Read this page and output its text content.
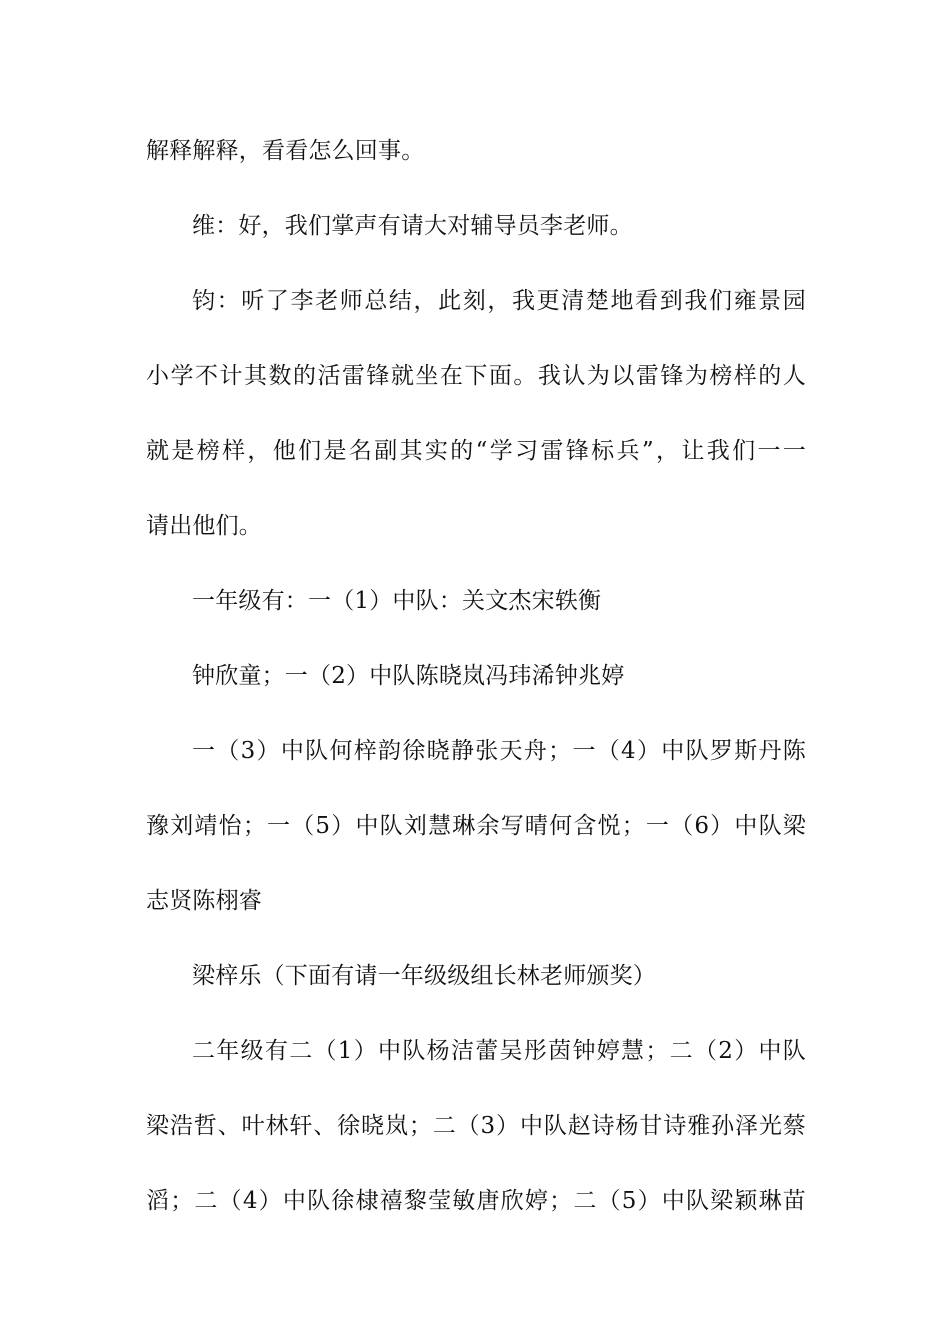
解释解释，看看怎么回事。
维：好，我们掌声有请大对辅导员李老师。
钧：听了李老师总结，此刻，我更清楚地看到我们雍景园
小学不计其数的活雷锋就坐在下面。我认为以雷锋为榜样的人
就是榜样，他们是名副其实的“学习雷锋标兵”，让我们一一
请出他们。
一年级有：一（1）中队：关文杰宋轶衡
钟欣童；一（2）中队陈晓岚冯玮浠钟兆婷
一（3）中队何梓韵徐晓静张天舟；一（4）中队罗斯丹陈
豫刘靖怡；一（5）中队刘慧琳余写晴何含悦；一（6）中队梁
志贤陈栩睿
梁梓乐（下面有请一年级级组长林老师颁奖）
二年级有二（1）中队杨洁蕾吴彤茵钟婷慧；二（2）中队
梁浩哲、叶林轩、徐晓岚；二（3）中队赵诗杨甘诗雅孙泽光蔡
滔；二（4）中队徐棣禧黎莹敏唐欣婷；二（5）中队梁颖琳苗
